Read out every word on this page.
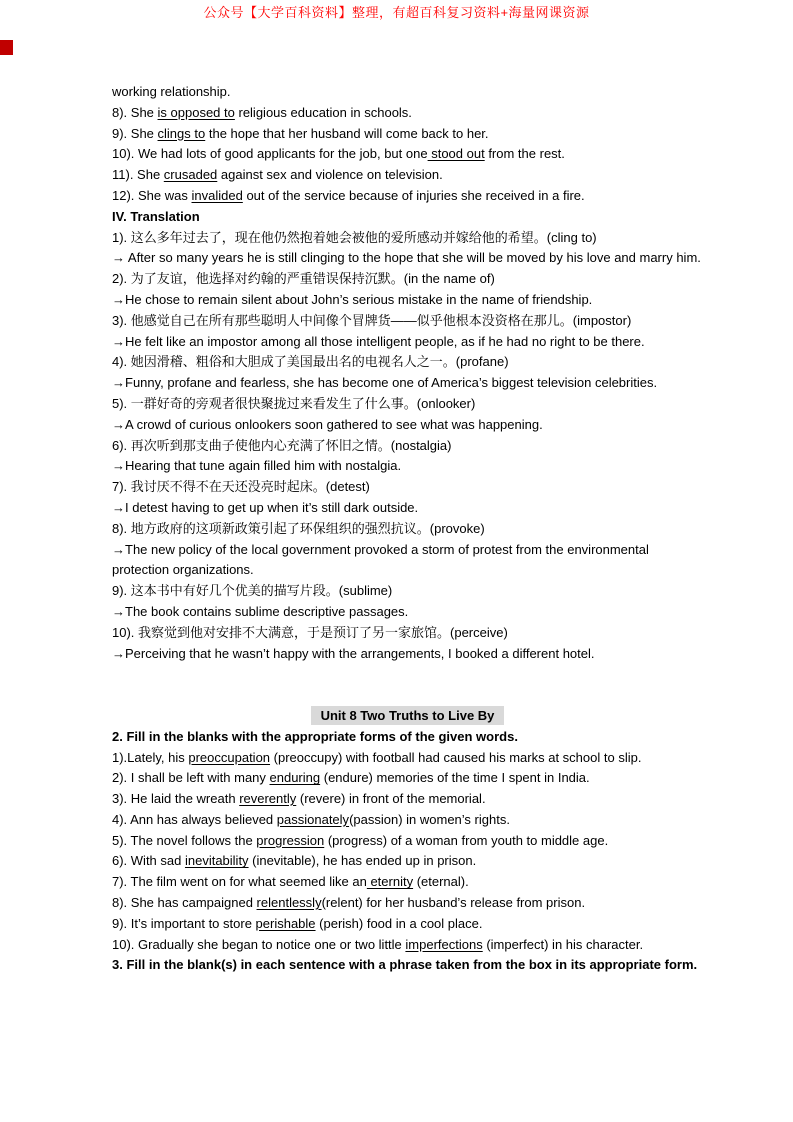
公众号【大学百科资料】整理，有超百科复习资料+海量网课资源

working relationship.

8). She is opposed to religious education in schools.

9). She clings to the hope that her husband will come back to her.

10). We had lots of good applicants for the job, but one stood out from the rest.

11). She crusaded against sex and violence on television.

12). She was invalided out of the service because of injuries she received in a fire.

IV. Translation

1). 这么多年过去了，现在他仍然抱着她会被他的爱所感动并嫁给他的希望。(cling to)

→ After so many years he is still clinging to the hope that she will be moved by his love and marry him.

2). 为了友谊，他选择对约翰的严重错误保持沉默。(in the name of)

→He chose to remain silent about John’s serious mistake in the name of friendship.

3). 他感觉自己在所有那些聪明人中间像个冒牌货——似乎他根本没资格在那儿。(impostor)

→He felt like an impostor among all those intelligent people, as if he had no right to be there.

4). 她因滑稽、粗俗和大胆成了美国最出名的电视名人之一。(profane)

→Funny, profane and fearless, she has become one of America’s biggest television celebrities.

5). 一群好奇的旁观者很快聚拢过来看发生了什么事。(onlooker)

→A crowd of curious onlookers soon gathered to see what was happening.

6). 再次听到那支曲子使他内心充满了怀旧之情。(nostalgia)

→Hearing that tune again filled him with nostalgia.

7). 我讨厌不得不在天还没亮时起床。(detest)

→I detest having to get up when it’s still dark outside.

8). 地方政府的这项新政策引起了环保组织的强烈抗议。(provoke)

→The new policy of the local government provoked a storm of protest from the environmental protection organizations.

9). 这本书中有好几个优美的描写片段。(sublime)

→The book contains sublime descriptive passages.

10). 我察觉到他对安排不大满意，于是预订了另一家旅馆。(perceive)

→Perceiving that he wasn’t happy with the arrangements, I booked a different hotel.

Unit 8 Two Truths to Live By

2. Fill in the blanks with the appropriate forms of the given words.

1).Lately, his preoccupation (preoccupy) with football had caused his marks at school to slip.

2). I shall be left with many enduring (endure) memories of the time I spent in India.

3). He laid the wreath reverently (revere) in front of the memorial.

4). Ann has always believed passionately(passion) in women’s rights.

5). The novel follows the progression (progress) of a woman from youth to middle age.

6). With sad inevitability (inevitable), he has ended up in prison.

7). The film went on for what seemed like an eternity (eternal).

8). She has campaigned relentlessly(relent) for her husband’s release from prison.

9). It’s important to store perishable (perish) food in a cool place.

10). Gradually she began to notice one or two little imperfections (imperfect) in his character.

3. Fill in the blank(s) in each sentence with a phrase taken from the box in its appropriate form.
